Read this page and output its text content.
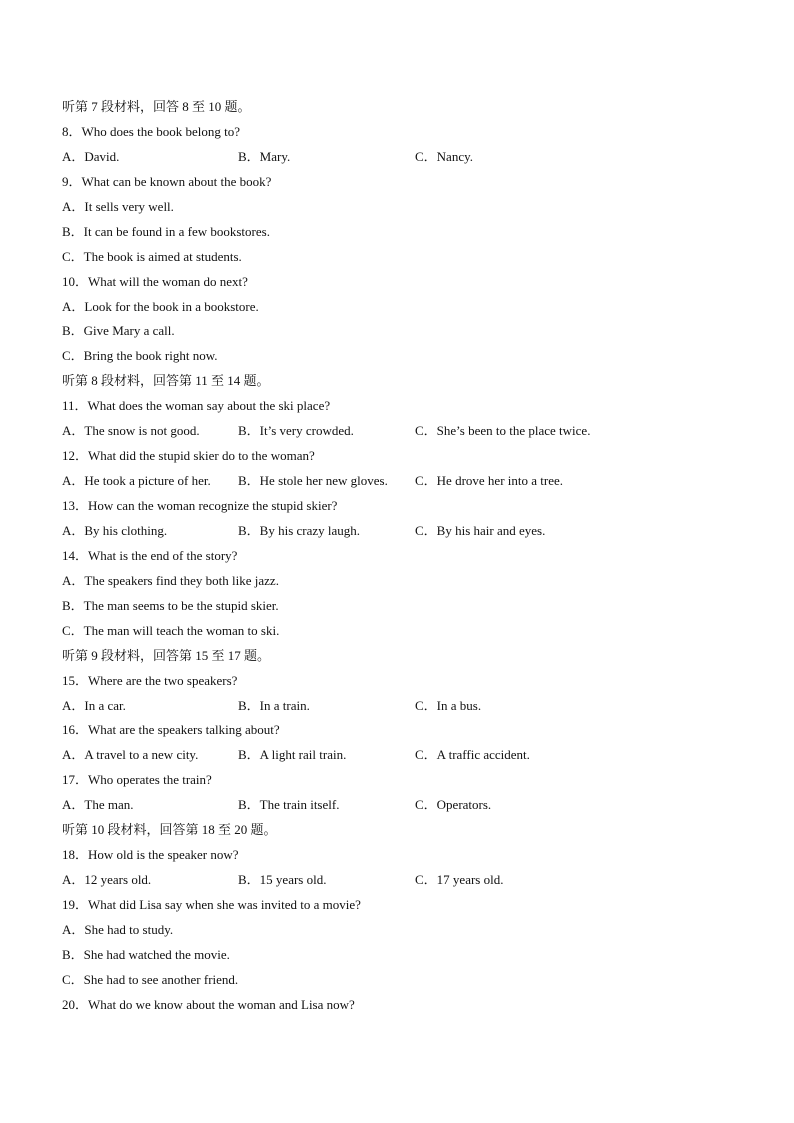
听第 7 段材料，回答 8 至 10 题。
8．Who does the book belong to?
A．David.	B．Mary.	C．Nancy.
9．What can be known about the book?
A．It sells very well.
B．It can be found in a few bookstores.
C．The book is aimed at students.
10．What will the woman do next?
A．Look for the book in a bookstore.
B．Give Mary a call.
C．Bring the book right now.
听第 8 段材料，回答第 11 至 14 题。
11．What does the woman say about the ski place?
A．The snow is not good.	B．It’s very crowded.	C．She’s been to the place twice.
12．What did the stupid skier do to the woman?
A．He took a picture of her.	B．He stole her new gloves.	C．He drove her into a tree.
13．How can the woman recognize the stupid skier?
A．By his clothing.	B．By his crazy laugh.	C．By his hair and eyes.
14．What is the end of the story?
A．The speakers find they both like jazz.
B．The man seems to be the stupid skier.
C．The man will teach the woman to ski.
听第 9 段材料，回答第 15 至 17 题。
15．Where are the two speakers?
A．In a car.	B．In a train.	C．In a bus.
16．What are the speakers talking about?
A．A travel to a new city.	B．A light rail train.	C．A traffic accident.
17．Who operates the train?
A．The man.	B．The train itself.	C．Operators.
听第 10 段材料，回答第 18 至 20 题。
18．How old is the speaker now?
A．12 years old.	B．15 years old.	C．17 years old.
19．What did Lisa say when she was invited to a movie?
A．She had to study.
B．She had watched the movie.
C．She had to see another friend.
20．What do we know about the woman and Lisa now?
